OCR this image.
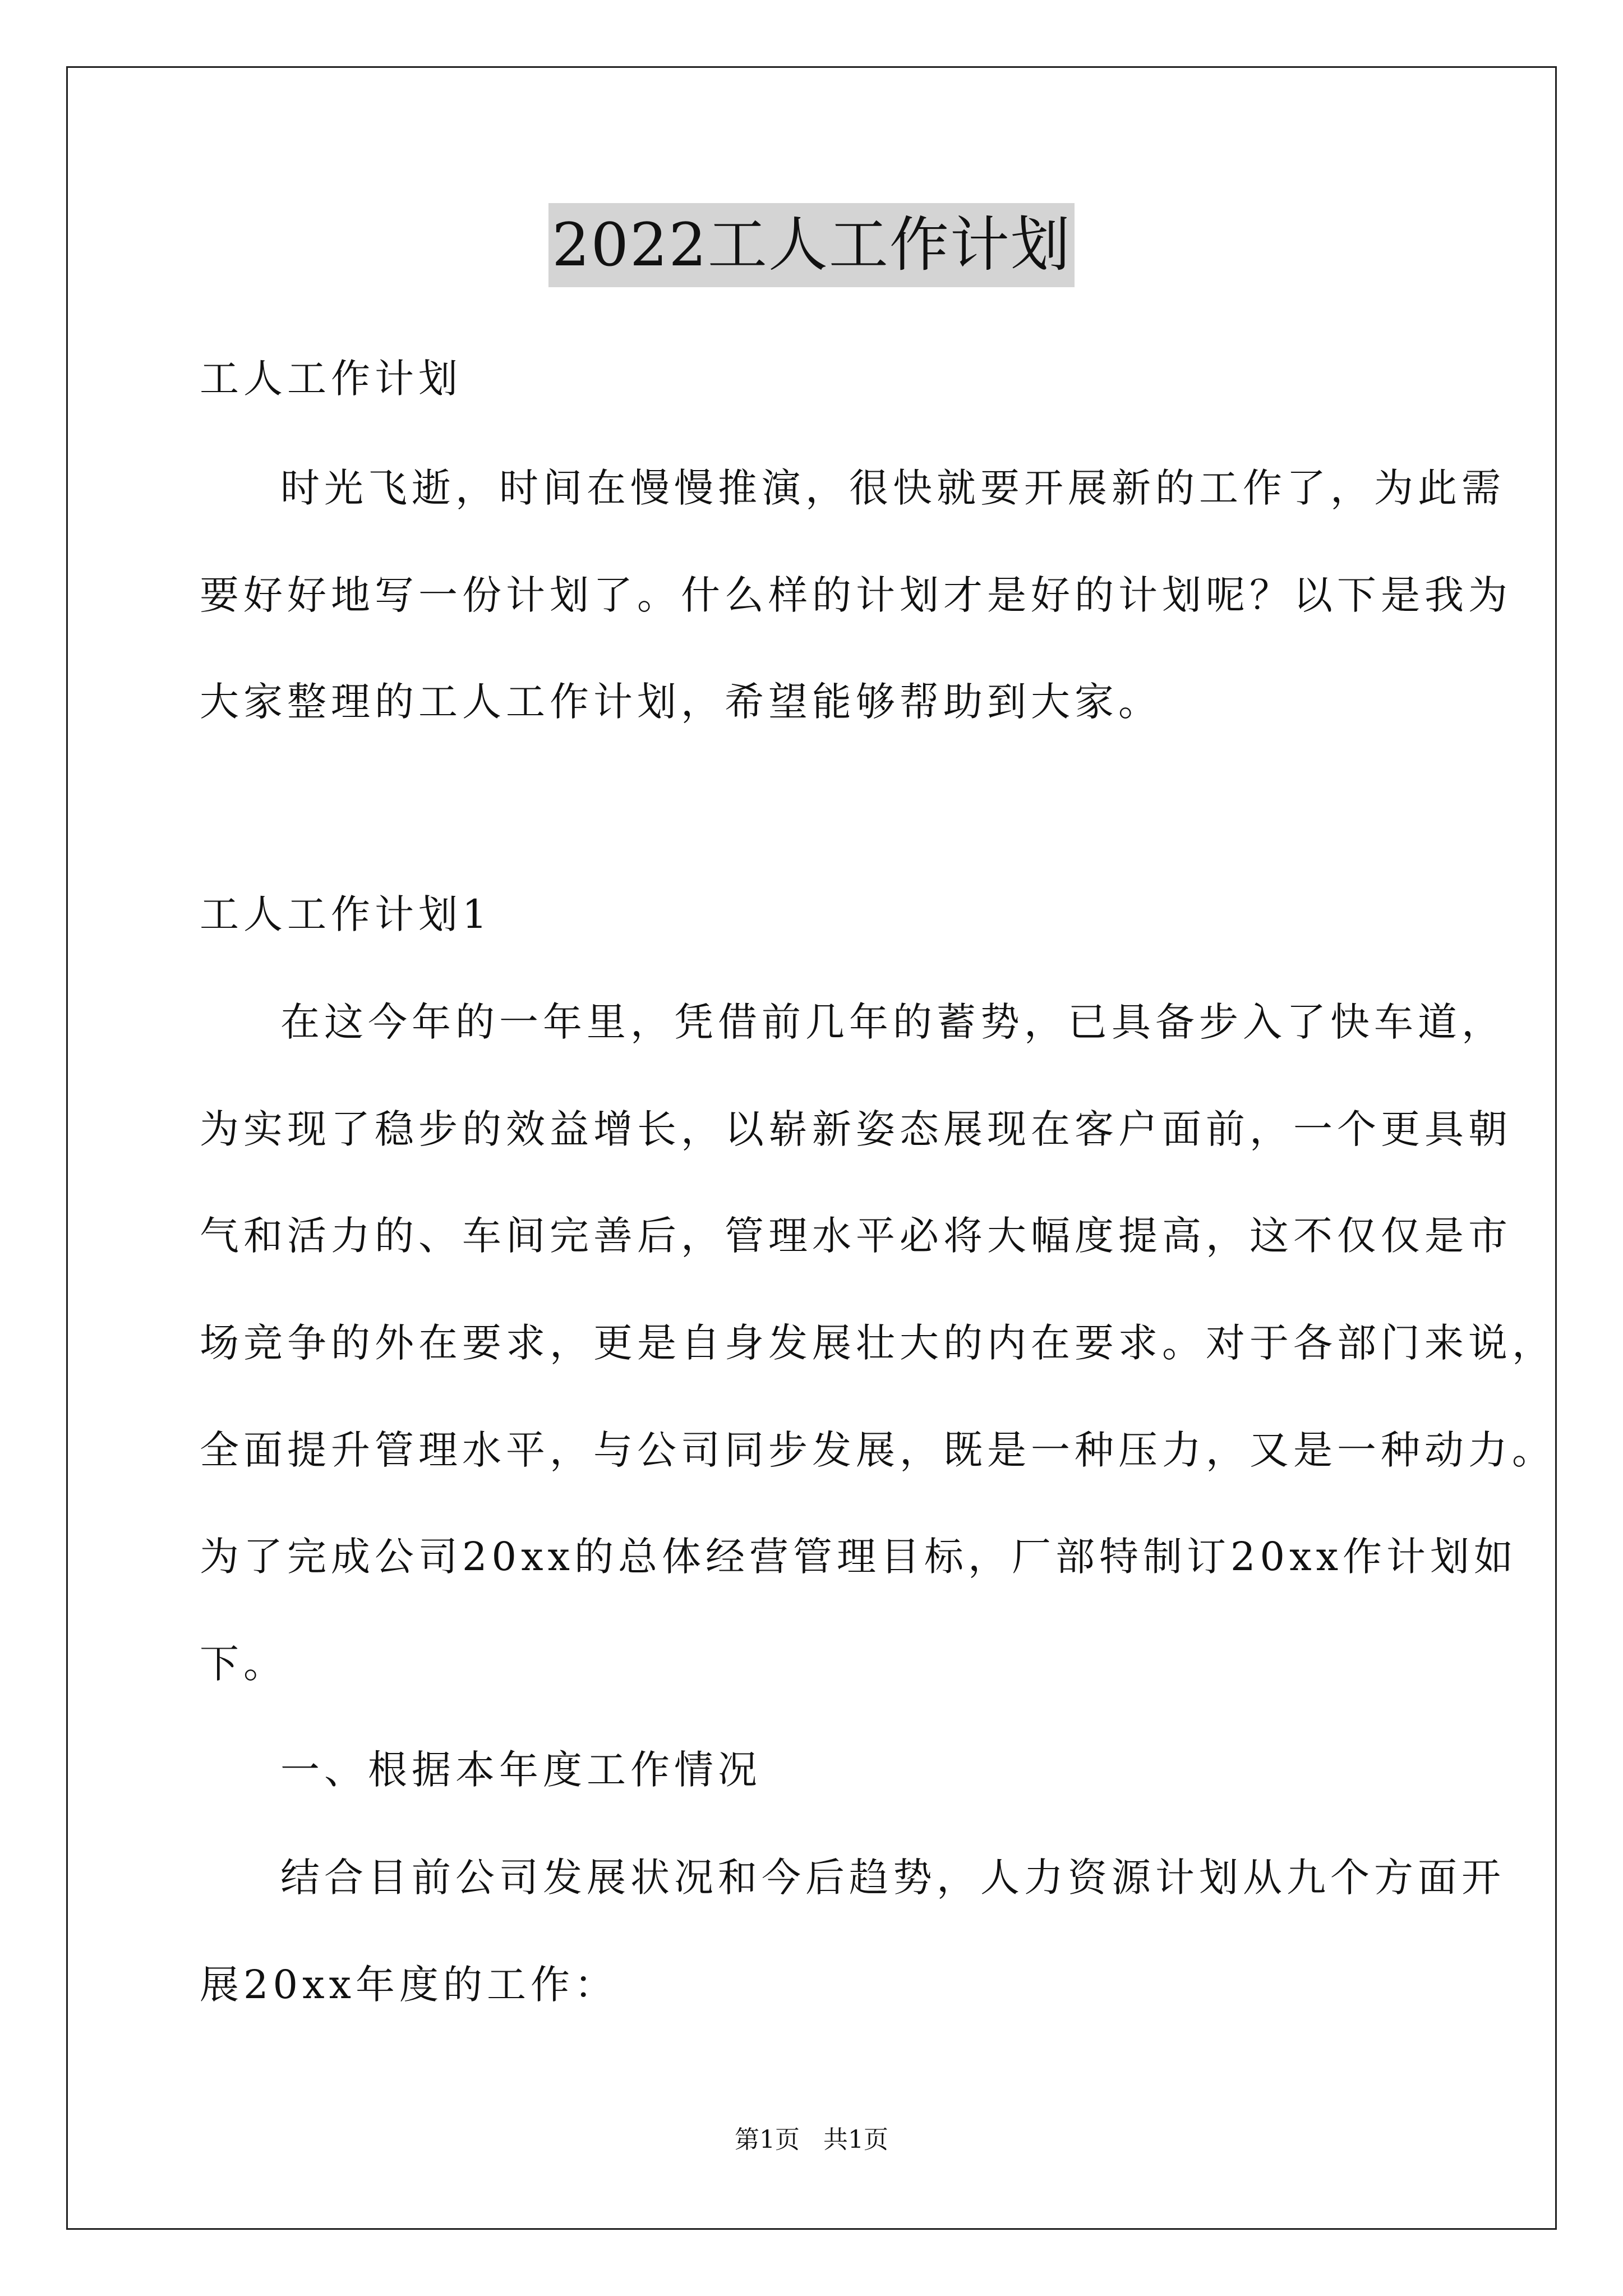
2022工人工作计划
工人工作计划
时光飞逝，时间在慢慢推演，很快就要开展新的工作了，为此需
要好好地写一份计划了。什么样的计划才是好的计划呢？以下是我为
大家整理的工人工作计划，希望能够帮助到大家。
工人工作计划1
在这今年的一年里，凭借前几年的蓄势，已具备步入了快车道，
为实现了稳步的效益增长，以崭新姿态展现在客户面前，一个更具朝
气和活力的、车间完善后，管理水平必将大幅度提高，这不仅仅是市
场竞争的外在要求，更是自身发展壮大的内在要求。对于各部门来说，
全面提升管理水平，与公司同步发展，既是一种压力，又是一种动力。
为了完成公司20xx的总体经营管理目标，厂部特制订20xx作计划如
下。
一、根据本年度工作情况
结合目前公司发展状况和今后趋势，人力资源计划从九个方面开
展20xx年度的工作：
第1页 共1页
